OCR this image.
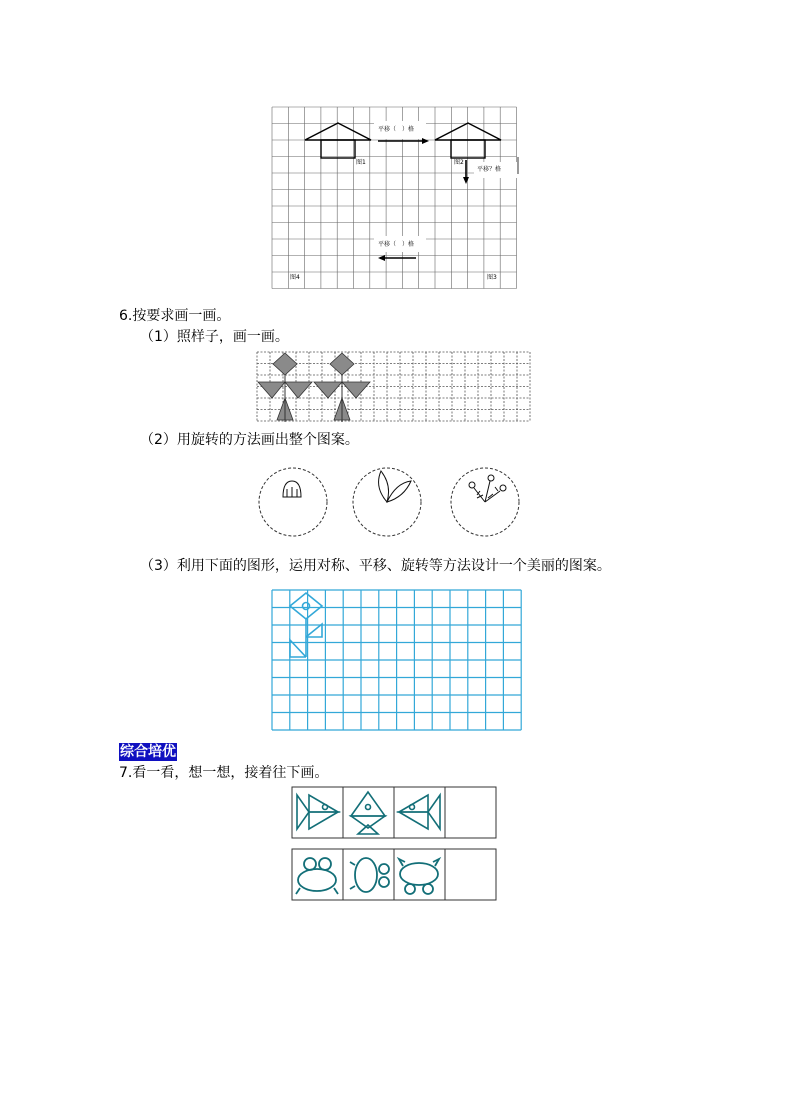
平移（　）格
平移？格
平移（　）格
图1	图2
图3
图4
6.按要求画一画。
（1）照样子，画一画。
（2）用旋转的方法画出整个图案。
（3）利用下面的图形，运用对称、平移、旋转等方法设计一个美丽的图案。
综合培优
7.看一看，想一想，接着往下画。
